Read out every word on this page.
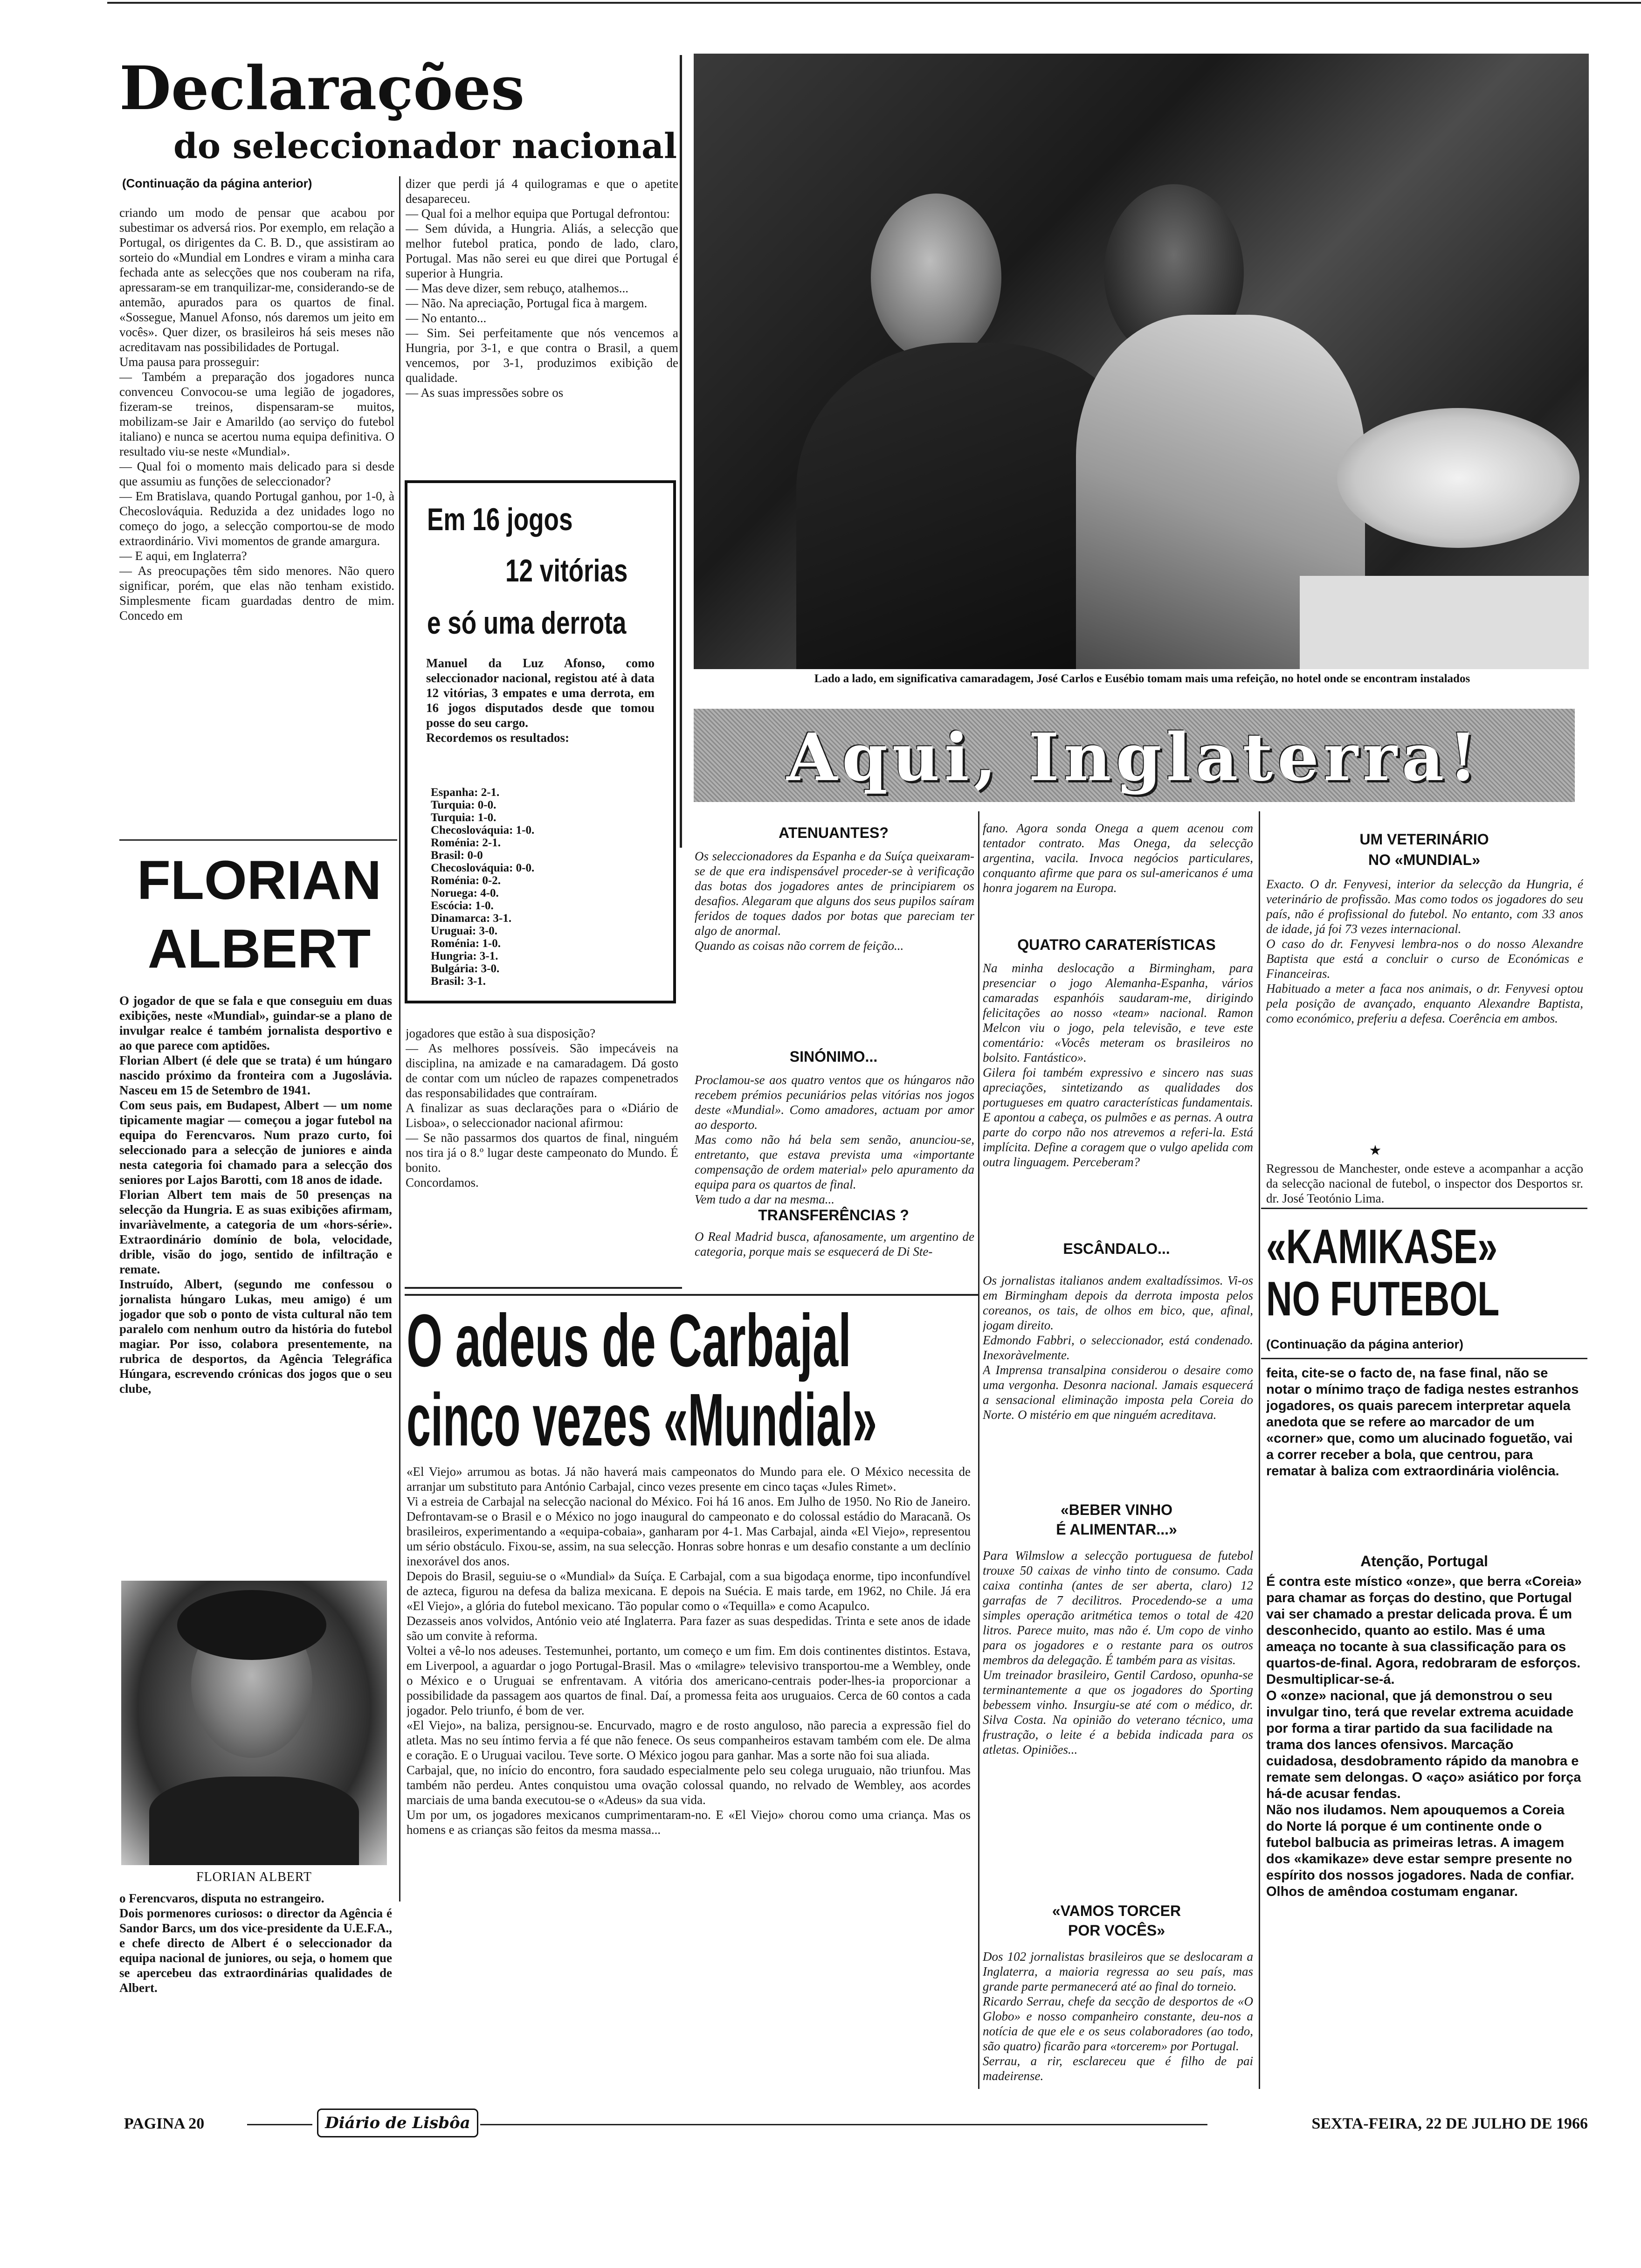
Declarações
do seleccionador nacional
(Continuação da página anterior)
criando um modo de pensar que acabou por subestimar os adversá rios. Por exemplo, em relação a Portugal, os dirigentes da C. B. D., que assistiram ao sorteio do «Mundial em Londres e viram a minha cara fechada ante as selecções que nos couberam na rifa, apressaram-se em tranquilizar-me, considerando-se de antemão, apurados para os quartos de final. «Sossegue, Manuel Afonso, nós daremos um jeito em vocês». Quer dizer, os brasileiros há seis meses não acreditavam nas possibilidades de Portugal.
Uma pausa para prosseguir:
— Também a preparação dos jogadores nunca convenceu Convocou-se uma legião de jogadores, fizeram-se treinos, dispensaram-se muitos, mobilizam-se Jair e Amarildo (ao serviço do futebol italiano) e nunca se acertou numa equipa definitiva. O resultado viu-se neste «Mundial».
— Qual foi o momento mais delicado para si desde que assumiu as funções de seleccionador?
— Em Bratislava, quando Portugal ganhou, por 1-0, à Checoslováquia. Reduzida a dez unidades logo no começo do jogo, a selecção comportou-se de modo extraordinário. Vivi momentos de grande amargura.
— E aqui, em Inglaterra?
— As preocupações têm sido menores. Não quero significar, porém, que elas não tenham existido. Simplesmente ficam guardadas dentro de mim. Concedo em
dizer que perdi já 4 quilogramas e que o apetite desapareceu.
— Qual foi a melhor equipa que Portugal defrontou:
— Sem dúvida, a Hungria. Aliás, a selecção que melhor futebol pratica, pondo de lado, claro, Portugal. Mas não serei eu que direi que Portugal é superior à Hungria.
— Mas deve dizer, sem rebuço, atalhemos...
— Não. Na apreciação, Portugal fica à margem.
— No entanto...
— Sim. Sei perfeitamente que nós vencemos a Hungria, por 3-1, e que contra o Brasil, a quem vencemos, por 3-1, produzimos exibição de qualidade.
— As suas impressões sobre os
Em 16 jogos
12 vitórias
e só uma derrota
Manuel da Luz Afonso, como seleccionador nacional, registou até à data 12 vitórias, 3 empates e uma derrota, em 16 jogos disputados desde que tomou posse do seu cargo.
Recordemos os resultados:
Espanha: 2-1.
Turquia: 0-0.
Turquia: 1-0.
Checoslováquia: 1-0.
Roménia: 2-1.
Brasil: 0-0
Checoslováquia: 0-0.
Roménia: 0-2.
Noruega: 4-0.
Escócia: 1-0.
Dinamarca: 3-1.
Uruguai: 3-0.
Roménia: 1-0.
Hungria: 3-1.
Bulgária: 3-0.
Brasil: 3-1.
jogadores que estão à sua disposição?
— As melhores possíveis. São impecáveis na disciplina, na amizade e na camaradagem. Dá gosto de contar com um núcleo de rapazes compenetrados das responsabilidades que contraíram.
A finalizar as suas declarações para o «Diário de Lisboa», o seleccionador nacional afirmou:
— Se não passarmos dos quartos de final, ninguém nos tira já o 8.º lugar deste campeonato do Mundo. É bonito.
Concordamos.
FLORIAN
ALBERT
O jogador de que se fala e que conseguiu em duas exibições, neste «Mundial», guindar-se a plano de invulgar realce é também jornalista desportivo e ao que parece com aptidões.
Florian Albert (é dele que se trata) é um húngaro nascido próximo da fronteira com a Jugoslávia. Nasceu em 15 de Setembro de 1941.
Com seus pais, em Budapest, Albert — um nome tipicamente magiar — começou a jogar futebol na equipa do Ferencvaros. Num prazo curto, foi seleccionado para a selecção de juniores e ainda nesta categoria foi chamado para a selecção dos seniores por Lajos Barotti, com 18 anos de idade.
Florian Albert tem mais de 50 presenças na selecção da Hungria. E as suas exibições afirmam, invariàvelmente, a categoria de um «hors-série». Extraordinário domínio de bola, velocidade, drible, visão do jogo, sentido de infiltração e remate.
Instruído, Albert, (segundo me confessou o jornalista húngaro Lukas, meu amigo) é um jogador que sob o ponto de vista cultural não tem paralelo com nenhum outro da história do futebol magiar. Por isso, colabora presentemente, na rubrica de desportos, da Agência Telegráfica Húngara, escrevendo crónicas dos jogos que o seu clube,
FLORIAN ALBERT
o Ferencvaros, disputa no estrangeiro.
Dois pormenores curiosos: o director da Agência é Sandor Barcs, um dos vice-presidente da U.E.F.A., e chefe directo de Albert é o seleccionador da equipa nacional de juniores, ou seja, o homem que se apercebeu das extraordinárias qualidades de Albert.
Lado a lado, em significativa camaradagem, José Carlos e Eusébio tomam mais uma refeição, no hotel onde se encontram instalados
Aqui, Inglaterra!
ATENUANTES?
Os seleccionadores da Espanha e da Suíça queixaram-se de que era indispensável proceder-se à verificação das botas dos jogadores antes de principiarem os desafios. Alegaram que alguns dos seus pupilos saíram feridos de toques dados por botas que pareciam ter algo de anormal.
Quando as coisas não correm de feição...
SINÓNIMO...
Proclamou-se aos quatro ventos que os húngaros não recebem prémios pecuniários pelas vitórias nos jogos deste «Mundial». Como amadores, actuam por amor ao desporto.
Mas como não há bela sem senão, anunciou-se, entretanto, que estava prevista uma «importante compensação de ordem material» pelo apuramento da equipa para os quartos de final.
Vem tudo a dar na mesma...
TRANSFERÊNCIAS ?
O Real Madrid busca, afanosamente, um argentino de categoria, porque mais se esquecerá de Di Ste-
fano. Agora sonda Onega a quem acenou com tentador contrato. Mas Onega, da selecção argentina, vacila. Invoca negócios particulares, conquanto afirme que para os sul-americanos é uma honra jogarem na Europa.
QUATRO CARATERÍSTICAS
Na minha deslocação a Birmingham, para presenciar o jogo Alemanha-Espanha, vários camaradas espanhóis saudaram-me, dirigindo felicitações ao nosso «team» nacional. Ramon Melcon viu o jogo, pela televisão, e teve este comentário: «Vocês meteram os brasileiros no bolsito. Fantástico».
Gilera foi também expressivo e sincero nas suas apreciações, sintetizando as qualidades dos portugueses em quatro características fundamentais. E apontou a cabeça, os pulmões e as pernas. A outra parte do corpo não nos atrevemos a referi-la. Está implícita. Define a coragem que o vulgo apelida com outra linguagem. Perceberam?
ESCÂNDALO...
Os jornalistas italianos andem exaltadíssimos. Vi-os em Birmingham depois da derrota imposta pelos coreanos, os tais, de olhos em bico, que, afinal, jogam direito.
Edmondo Fabbri, o seleccionador, está condenado. Inexoràvelmente.
A Imprensa transalpina considerou o desaire como uma vergonha. Desonra nacional. Jamais esquecerá a sensacional eliminação imposta pela Coreia do Norte. O mistério em que ninguém acreditava.
«BEBER VINHO
É ALIMENTAR...»
Para Wilmslow a selecção portuguesa de futebol trouxe 50 caixas de vinho tinto de consumo. Cada caixa continha (antes de ser aberta, claro) 12 garrafas de 7 decilitros. Procedendo-se a uma simples operação aritmética temos o total de 420 litros. Parece muito, mas não é. Um copo de vinho para os jogadores e o restante para os outros membros da delegação. É também para as visitas.
Um treinador brasileiro, Gentil Cardoso, opunha-se terminantemente a que os jogadores do Sporting bebessem vinho. Insurgiu-se até com o médico, dr. Silva Costa. Na opinião do veterano técnico, uma frustração, o leite é a bebida indicada para os atletas. Opiniões...
«VAMOS TORCER
POR VOCÊS»
Dos 102 jornalistas brasileiros que se deslocaram a Inglaterra, a maioria regressa ao seu país, mas grande parte permanecerá até ao final do torneio.
Ricardo Serrau, chefe da secção de desportos de «O Globo» e nosso companheiro constante, deu-nos a notícia de que ele e os seus colaboradores (ao todo, são quatro) ficarão para «torcerem» por Portugal.
Serrau, a rir, esclareceu que é filho de pai madeirense.
UM VETERINÁRIO
NO «MUNDIAL»
Exacto. O dr. Fenyvesi, interior da selecção da Hungria, é veterinário de profissão. Mas como todos os jogadores do seu país, não é profissional do futebol. No entanto, com 33 anos de idade, já foi 73 vezes internacional.
O caso do dr. Fenyvesi lembra-nos o do nosso Alexandre Baptista que está a concluir o curso de Económicas e Financeiras.
Habituado a meter a faca nos animais, o dr. Fenyvesi optou pela posição de avançado, enquanto Alexandre Baptista, como económico, preferiu a defesa. Coerência em ambos.
★
Regressou de Manchester, onde esteve a acompanhar a acção da selecção nacional de futebol, o inspector dos Desportos sr. dr. José Teotónio Lima.
«KAMIKASE»
NO FUTEBOL
(Continuação da página anterior)
feita, cite-se o facto de, na fase final, não se notar o mínimo traço de fadiga nestes estranhos jogadores, os quais parecem interpretar aquela anedota que se refere ao marcador de um «corner» que, como um alucinado foguetão, vai a correr receber a bola, que centrou, para rematar à baliza com extraordinária violência.
Atenção, Portugal
É contra este místico «onze», que berra «Coreia» para chamar as forças do destino, que Portugal vai ser chamado a prestar delicada prova. É um desconhecido, quanto ao estilo. Mas é uma ameaça no tocante à sua classificação para os quartos-de-final. Agora, redobraram de esforços. Desmultiplicar-se-á.
O «onze» nacional, que já demonstrou o seu invulgar tino, terá que revelar extrema acuidade por forma a tirar partido da sua facilidade na trama dos lances ofensivos. Marcação cuidadosa, desdobramento rápido da manobra e remate sem delongas. O «aço» asiático por força há-de acusar fendas.
Não nos iludamos. Nem apouquemos a Coreia do Norte lá porque é um continente onde o futebol balbucia as primeiras letras. A imagem dos «kamikaze» deve estar sempre presente no espírito dos nossos jogadores. Nada de confiar. Olhos de amêndoa costumam enganar.
O adeus de Carbajal
cinco vezes «Mundial»
«El Viejo» arrumou as botas. Já não haverá mais campeonatos do Mundo para ele. O México necessita de arranjar um substituto para António Carbajal, cinco vezes presente em cinco taças «Jules Rimet».
Vi a estreia de Carbajal na selecção nacional do México. Foi há 16 anos. Em Julho de 1950. No Rio de Janeiro. Defrontavam-se o Brasil e o México no jogo inaugural do campeonato e do colossal estádio do Maracanã. Os brasileiros, experimentando a «equipa-cobaia», ganharam por 4-1. Mas Carbajal, ainda «El Viejo», representou um sério obstáculo. Fixou-se, assim, na sua selecção. Honras sobre honras e um desafio constante a um declínio inexorável dos anos.
Depois do Brasil, seguiu-se o «Mundial» da Suíça. E Carbajal, com a sua bigodaça enorme, tipo inconfundível de azteca, figurou na defesa da baliza mexicana. E depois na Suécia. E mais tarde, em 1962, no Chile. Já era «El Viejo», a glória do futebol mexicano. Tão popular como o «Tequilla» e como Acapulco.
Dezasseis anos volvidos, António veio até Inglaterra. Para fazer as suas despedidas. Trinta e sete anos de idade são um convite à reforma.
Voltei a vê-lo nos adeuses. Testemunhei, portanto, um começo e um fim. Em dois continentes distintos. Estava, em Liverpool, a aguardar o jogo Portugal-Brasil. Mas o «milagre» televisivo transportou-me a Wembley, onde o México e o Uruguai se enfrentavam. A vitória dos americano-centrais poder-lhes-ia proporcionar a possibilidade da passagem aos quartos de final. Daí, a promessa feita aos uruguaios. Cerca de 60 contos a cada jogador. Pelo triunfo, é bom de ver.
«El Viejo», na baliza, persignou-se. Encurvado, magro e de rosto anguloso, não parecia a expressão fiel do atleta. Mas no seu íntimo fervia a fé que não fenece. Os seus companheiros estavam também com ele. De alma e coração. E o Uruguai vacilou. Teve sorte. O México jogou para ganhar. Mas a sorte não foi sua aliada.
Carbajal, que, no início do encontro, fora saudado especialmente pelo seu colega uruguaio, não triunfou. Mas também não perdeu. Antes conquistou uma ovação colossal quando, no relvado de Wembley, aos acordes marciais de uma banda executou-se o «Adeus» da sua vida.
Um por um, os jogadores mexicanos cumprimentaram-no. E «El Viejo» chorou como uma criança. Mas os homens e as crianças são feitos da mesma massa...
PAGINA 20	Diário de Lisbôa	SEXTA-FEIRA, 22 DE JULHO DE 1966
